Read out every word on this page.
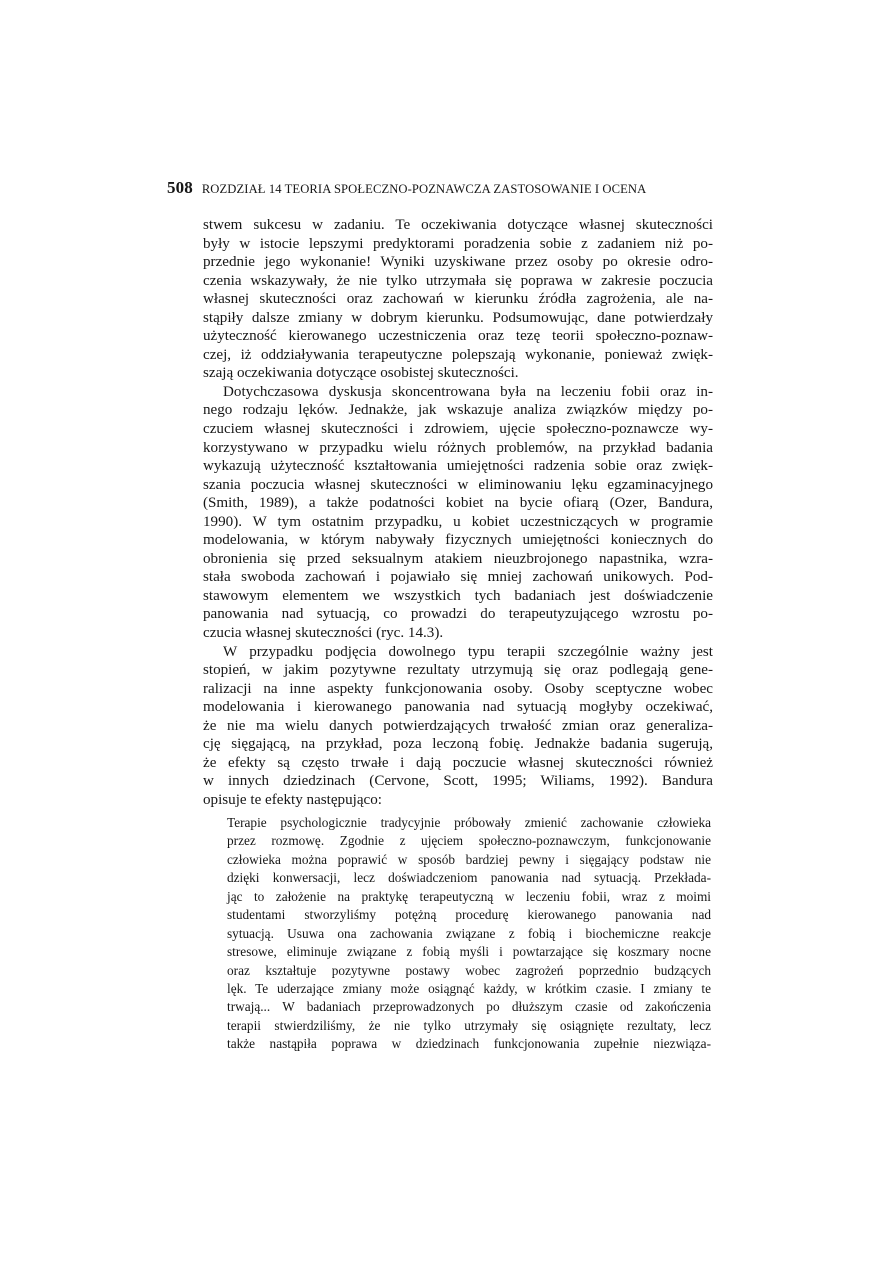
508 ROZDZIAŁ 14 TEORIA SPOŁECZNO-POZNAWCZA ZASTOSOWANIE I OCENA
stwem sukcesu w zadaniu. Te oczekiwania dotyczące własnej skuteczności
były w istocie lepszymi predyktorami poradzenia sobie z zadaniem niż po-
przednie jego wykonanie! Wyniki uzyskiwane przez osoby po okresie odro-
czenia wskazywały, że nie tylko utrzymała się poprawa w zakresie poczucia
własnej skuteczności oraz zachowań w kierunku źródła zagrożenia, ale na-
stąpiły dalsze zmiany w dobrym kierunku. Podsumowując, dane potwierdzały
użyteczność kierowanego uczestniczenia oraz tezę teorii społeczno-poznaw-
czej, iż oddziaływania terapeutyczne polepszają wykonanie, ponieważ zwięk-
szają oczekiwania dotyczące osobistej skuteczności.
Dotychczasowa dyskusja skoncentrowana była na leczeniu fobii oraz in-
nego rodzaju lęków. Jednakże, jak wskazuje analiza związków między po-
czuciem własnej skuteczności i zdrowiem, ujęcie społeczno-poznawcze wy-
korzystywano w przypadku wielu różnych problemów, na przykład badania
wykazują użyteczność kształtowania umiejętności radzenia sobie oraz zwięk-
szania poczucia własnej skuteczności w eliminowaniu lęku egzaminacyjnego
(Smith, 1989), a także podatności kobiet na bycie ofiarą (Ozer, Bandura,
1990). W tym ostatnim przypadku, u kobiet uczestniczących w programie
modelowania, w którym nabywały fizycznych umiejętności koniecznych do
obronienia się przed seksualnym atakiem nieuzbrojonego napastnika, wzra-
stała swoboda zachowań i pojawiało się mniej zachowań unikowych. Pod-
stawowym elementem we wszystkich tych badaniach jest doświadczenie
panowania nad sytuacją, co prowadzi do terapeutyzującego wzrostu po-
czucia własnej skuteczności (ryc. 14.3).
W przypadku podjęcia dowolnego typu terapii szczególnie ważny jest
stopień, w jakim pozytywne rezultaty utrzymują się oraz podlegają gene-
ralizacji na inne aspekty funkcjonowania osoby. Osoby sceptyczne wobec
modelowania i kierowanego panowania nad sytuacją mogłyby oczekiwać,
że nie ma wielu danych potwierdzających trwałość zmian oraz generaliza-
cję sięgającą, na przykład, poza leczoną fobię. Jednakże badania sugerują,
że efekty są często trwałe i dają poczucie własnej skuteczności również
w innych dziedzinach (Cervone, Scott, 1995; Wiliams, 1992). Bandura
opisuje te efekty następująco:
Terapie psychologicznie tradycyjnie próbowały zmienić zachowanie człowieka
przez rozmowę. Zgodnie z ujęciem społeczno-poznawczym, funkcjonowanie
człowieka można poprawić w sposób bardziej pewny i sięgający podstaw nie
dzięki konwersacji, lecz doświadczeniom panowania nad sytuacją. Przekłada-
jąc to założenie na praktykę terapeutyczną w leczeniu fobii, wraz z moimi
studentami stworzyliśmy potężną procedurę kierowanego panowania nad
sytuacją. Usuwa ona zachowania związane z fobią i biochemiczne reakcje
stresowe, eliminuje związane z fobią myśli i powtarzające się koszmary nocne
oraz kształtuje pozytywne postawy wobec zagrożeń poprzednio budzących
lęk. Te uderzające zmiany może osiągnąć każdy, w krótkim czasie. I zmiany te
trwają... W badaniach przeprowadzonych po dłuższym czasie od zakończenia
terapii stwierdziliśmy, że nie tylko utrzymały się osiągnięte rezultaty, lecz
także nastąpiła poprawa w dziedzinach funkcjonowania zupełnie niezwiąza-
